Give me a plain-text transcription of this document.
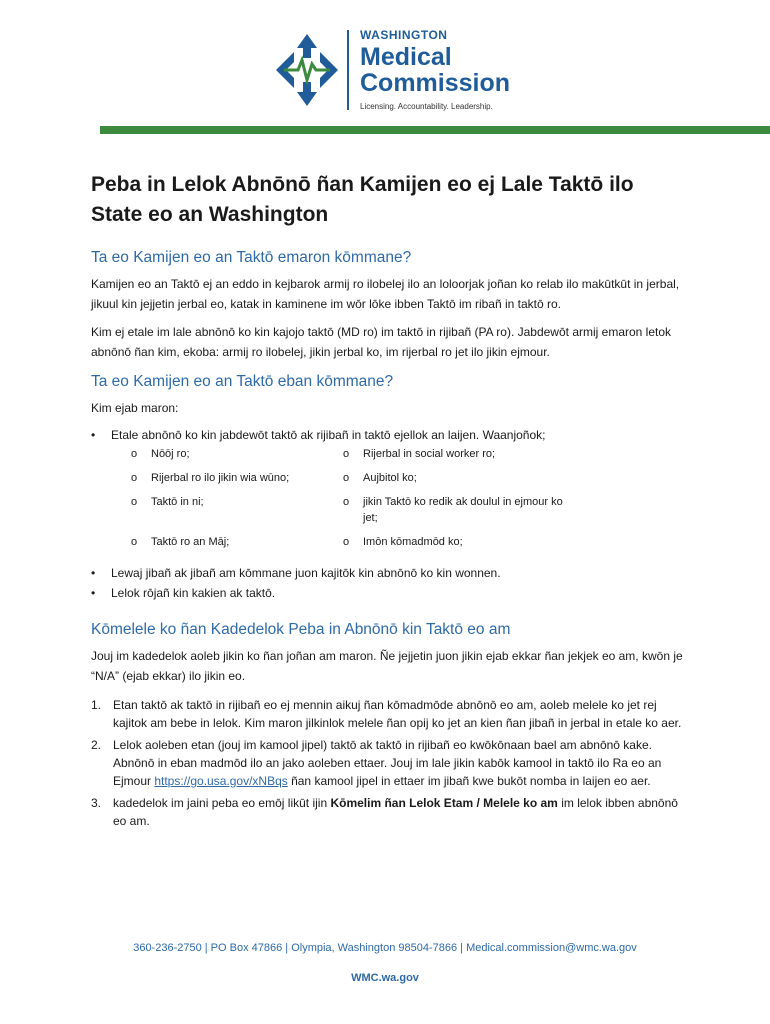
WASHINGTON
Medical
Commission
Licensing. Accountability. Leadership.
Peba in Lelok Abnōnō ñan Kamijen eo ej Lale Taktō ilo State eo an Washington
Ta eo Kamijen eo an Taktō emaron kōmmane?

Kamijen eo an Taktō ej an eddo in kejbarok armij ro ilobelej ilo an loloorjak joñan ko relab ilo makūtkūt in jerbal, jikuul kin jejjetin jerbal eo, katak in kaminene im wōr lōke ibben Taktō im ribañ in taktō ro.

Kim ej etale im lale abnōnō ko kin kajojo taktō (MD ro) im taktō in rijibañ (PA ro). Jabdewōt armij emaron letok abnōnō ñan kim, ekoba: armij ro ilobelej, jikin jerbal ko, im rijerbal ro jet ilo jikin ejmour.

Ta eo Kamijen eo an Taktō eban kōmmane?

Kim ejab maron:

• Etale abnōnō ko kin jabdewōt taktō ak rijibañ in taktō ejellok an laijen. Waanjoñok;
o Nōōj ro;	o Rijerbal in social worker ro;
o Rijerbal ro ilo jikin wia wūno;	o Aujbitol ko;
o Taktō in ni;	o jikin Taktō ko redik ak doulul in ejmour ko jet;
o Taktō ro an Māj;	o Imōn kōmadmōd ko;
• Lewaj jibañ ak jibañ am kōmmane juon kajitōk kin abnōnō ko kin wonnen.
• Lelok rōjañ kin kakien ak taktō.
Kōmelele ko ñan Kadedelok Peba in Abnōnō kin Taktō eo am

Jouj im kadedelok aoleb jikin ko ñan joñan am maron. Ñe jejjetin juon jikin ejab ekkar ñan jekjek eo am, kwōn je “N/A” (ejab ekkar) ilo jikin eo.

1. Etan taktō ak taktō in rijibañ eo ej mennin aikuj ñan kōmadmōde abnōnō eo am, aoleb melele ko jet rej kajitok am bebe in lelok. Kim maron jilkinlok melele ñan opij ko jet an kien ñan jibañ in jerbal in etale ko aer.
2. Lelok aoleben etan (jouj im kamool jipel) taktō ak taktō in rijibañ eo kwōkōnaan bael am abnōnō kake. Abnōnō in eban madmōd ilo an jako aoleben ettaer. Jouj im lale jikin kabōk kamool in taktō ilo Ra eo an Ejmour https://go.usa.gov/xNBqs ñan kamool jipel in ettaer im jibañ kwe bukōt nomba in laijen eo aer.
3. kadedelok im jaini peba eo emōj likūt ijin Kōmelim ñan Lelok Etam / Melele ko am im lelok ibben abnōnō eo am.
360-236-2750 | PO Box 47866 | Olympia, Washington 98504-7866 | Medical.commission@wmc.wa.gov
WMC.wa.gov
